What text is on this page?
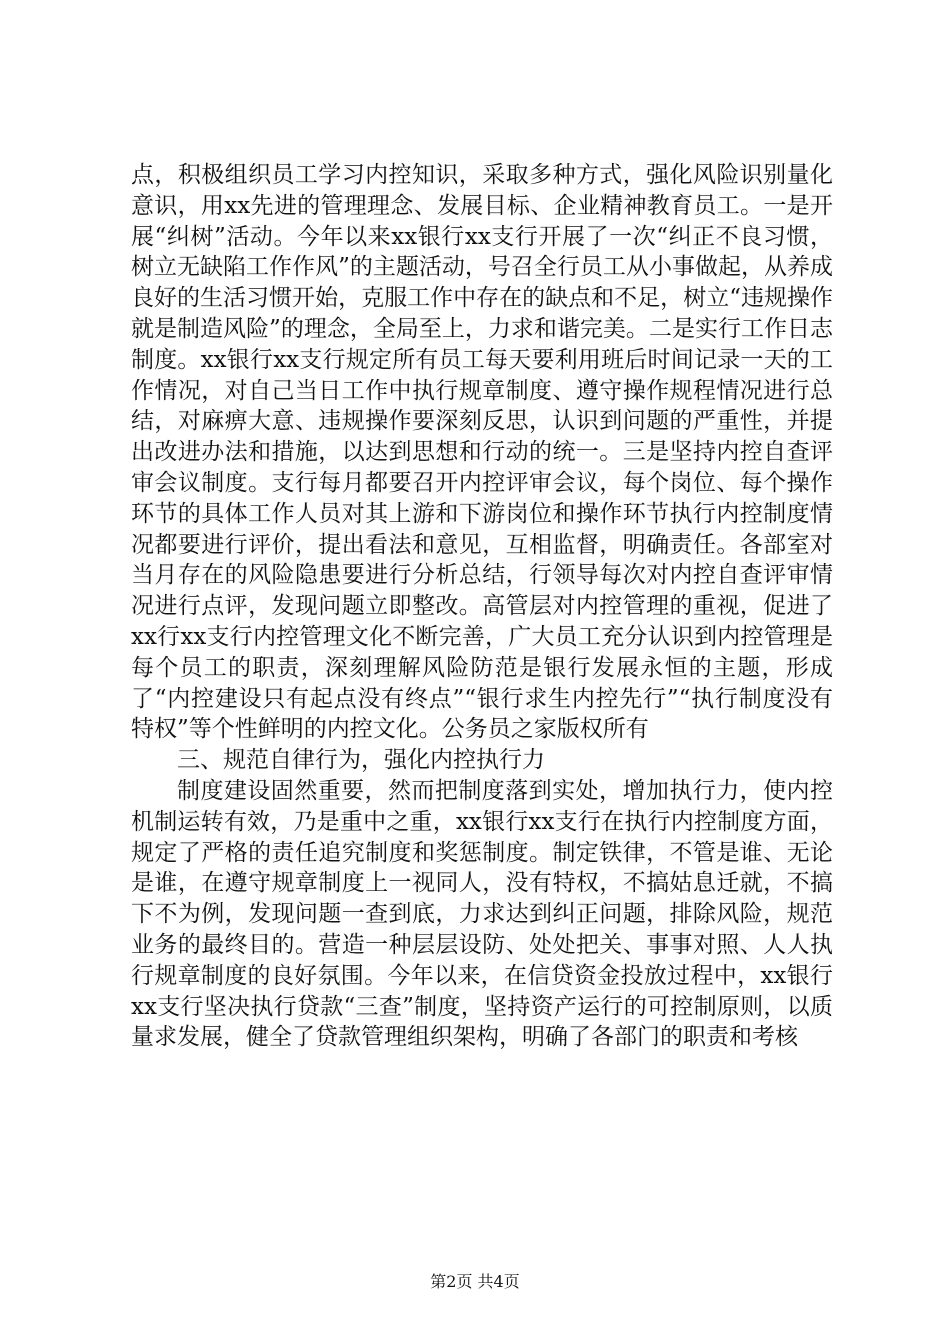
点，积极组织员工学习内控知识，采取多种方式，强化风险识别量化意识，用xx先进的管理理念、发展目标、企业精神教育员工。一是开展“纠树”活动。今年以来xx银行xx支行开展了一次“纠正不良习惯，树立无缺陷工作作风”的主题活动，号召全行员工从小事做起，从养成良好的生活习惯开始，克服工作中存在的缺点和不足，树立“违规操作就是制造风险”的理念，全局至上，力求和谐完美。二是实行工作日志制度。xx银行xx支行规定所有员工每天要利用班后时间记录一天的工作情况，对自己当日工作中执行规章制度、遵守操作规程情况进行总结，对麻痹大意、违规操作要深刻反思，认识到问题的严重性，并提出改进办法和措施，以达到思想和行动的统一。三是坚持内控自查评审会议制度。支行每月都要召开内控评审会议，每个岗位、每个操作环节的具体工作人员对其上游和下游岗位和操作环节执行内控制度情况都要进行评价，提出看法和意见，互相监督，明确责任。各部室对当月存在的风险隐患要进行分析总结，行领导每次对内控自查评审情况进行点评，发现问题立即整改。高管层对内控管理的重视，促进了xx行xx支行内控管理文化不断完善，广大员工充分认识到内控管理是每个员工的职责，深刻理解风险防范是银行发展永恒的主题，形成了“内控建设只有起点没有终点”“银行求生内控先行”“执行制度没有特权”等个性鲜明的内控文化。公务员之家版权所有

三、规范自律行为，强化内控执行力

制度建设固然重要，然而把制度落到实处，增加执行力，使内控机制运转有效，乃是重中之重，xx银行xx支行在执行内控制度方面，规定了严格的责任追究制度和奖惩制度。制定铁律，不管是谁、无论是谁，在遵守规章制度上一视同人，没有特权，不搞姑息迁就，不搞下不为例，发现问题一查到底，力求达到纠正问题，排除风险，规范业务的最终目的。营造一种层层设防、处处把关、事事对照、人人执行规章制度的良好氛围。今年以来，在信贷资金投放过程中，xx银行xx支行坚决执行贷款“三查”制度，坚持资产运行的可控制原则，以质量求发展，健全了贷款管理组织架构，明确了各部门的职责和考核

第2页 共4页
